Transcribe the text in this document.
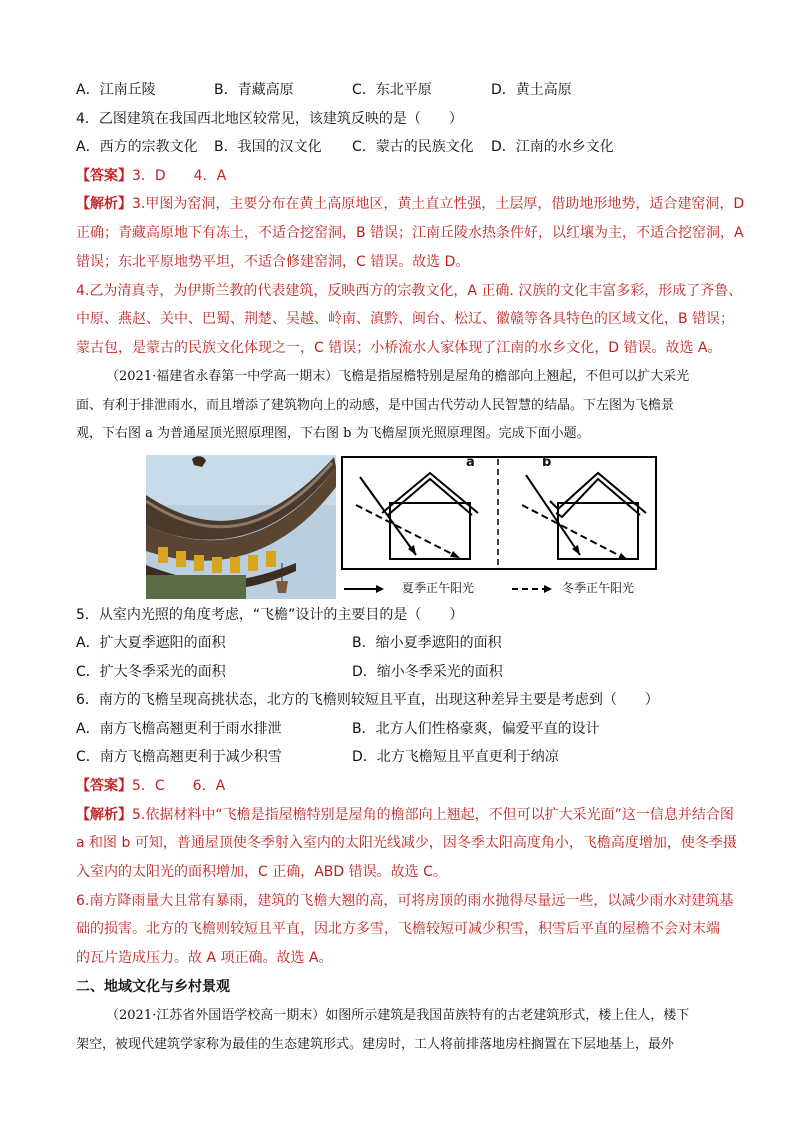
A．江南丘陵	B．青藏高原	C．东北平原	D．黄土高原
4．乙图建筑在我国西北地区较常见，该建筑反映的是（　　）
A．西方的宗教文化 B．我国的汉文化 C．蒙古的民族文化 D．江南的水乡文化
【答案】3．D　　4．A
【解析】3.甲图为窑洞，主要分布在黄土高原地区，黄土直立性强，土层厚，借助地形地势，适合建窑洞，D
正确；青藏高原地下有冻土，不适合挖窑洞，B 错误；江南丘陵水热条件好，以红壤为主，不适合挖窑洞，A
错误；东北平原地势平坦，不适合修建窑洞，C 错误。故选 D。
4.乙为清真寺，为伊斯兰教的代表建筑，反映西方的宗教文化，A 正确. 汉族的文化丰富多彩，形成了齐鲁、
中原、燕赵、关中、巴蜀、荆楚、吴越、岭南、滇黔、闽台、松辽、徽赣等各具特色的区域文化，B 错误；
蒙古包，是蒙古的民族文化体现之一，C 错误；小桥流水人家体现了江南的水乡文化，D 错误。故选 A。
（2021·福建省永春第一中学高一期末）飞檐是指屋檐特别是屋角的檐部向上翘起，不但可以扩大采光
面、有利于排泄雨水，而且增添了建筑物向上的动感，是中国古代劳动人民智慧的结晶。下左图为飞檐景
观，下右图 a 为普通屋顶光照原理图，下右图 b 为飞檐屋顶光照原理图。完成下面小题。
a	b
夏季正午阳光	冬季正午阳光
5．从室内光照的角度考虑，“飞檐”设计的主要目的是（　　）
A．扩大夏季遮阳的面积	B．缩小夏季遮阳的面积
C．扩大冬季采光的面积	D．缩小冬季采光的面积
6．南方的飞檐呈现高挑状态，北方的飞檐则较短且平直，出现这种差异主要是考虑到（　　）
A．南方飞檐高翘更利于雨水排泄	B．北方人们性格豪爽，偏爱平直的设计
C．南方飞檐高翘更利于减少积雪	D．北方飞檐短且平直更利于纳凉
【答案】5．C　　6．A
【解析】5.依据材料中“飞檐是指屋檐特别是屋角的檐部向上翘起，不但可以扩大采光面”这一信息并结合图
a 和图 b 可知，普通屋顶使冬季射入室内的太阳光线减少，因冬季太阳高度角小，飞檐高度增加，使冬季摄
入室内的太阳光的面积增加，C 正确，ABD 错误。故选 C。
6.南方降雨量大且常有暴雨，建筑的飞檐大翘的高，可将房顶的雨水抛得尽量远一些，以减少雨水对建筑基
础的损害。北方的飞檐则较短且平直，因北方多雪，飞檐较短可减少积雪，积雪后平直的屋檐不会对末端
的瓦片造成压力。故 A 项正确。故选 A。
二、地域文化与乡村景观
（2021·江苏省外国语学校高一期末）如图所示建筑是我国苗族特有的古老建筑形式，楼上住人，楼下
架空，被现代建筑学家称为最佳的生态建筑形式。建房时，工人将前排落地房柱搁置在下层地基上，最外
